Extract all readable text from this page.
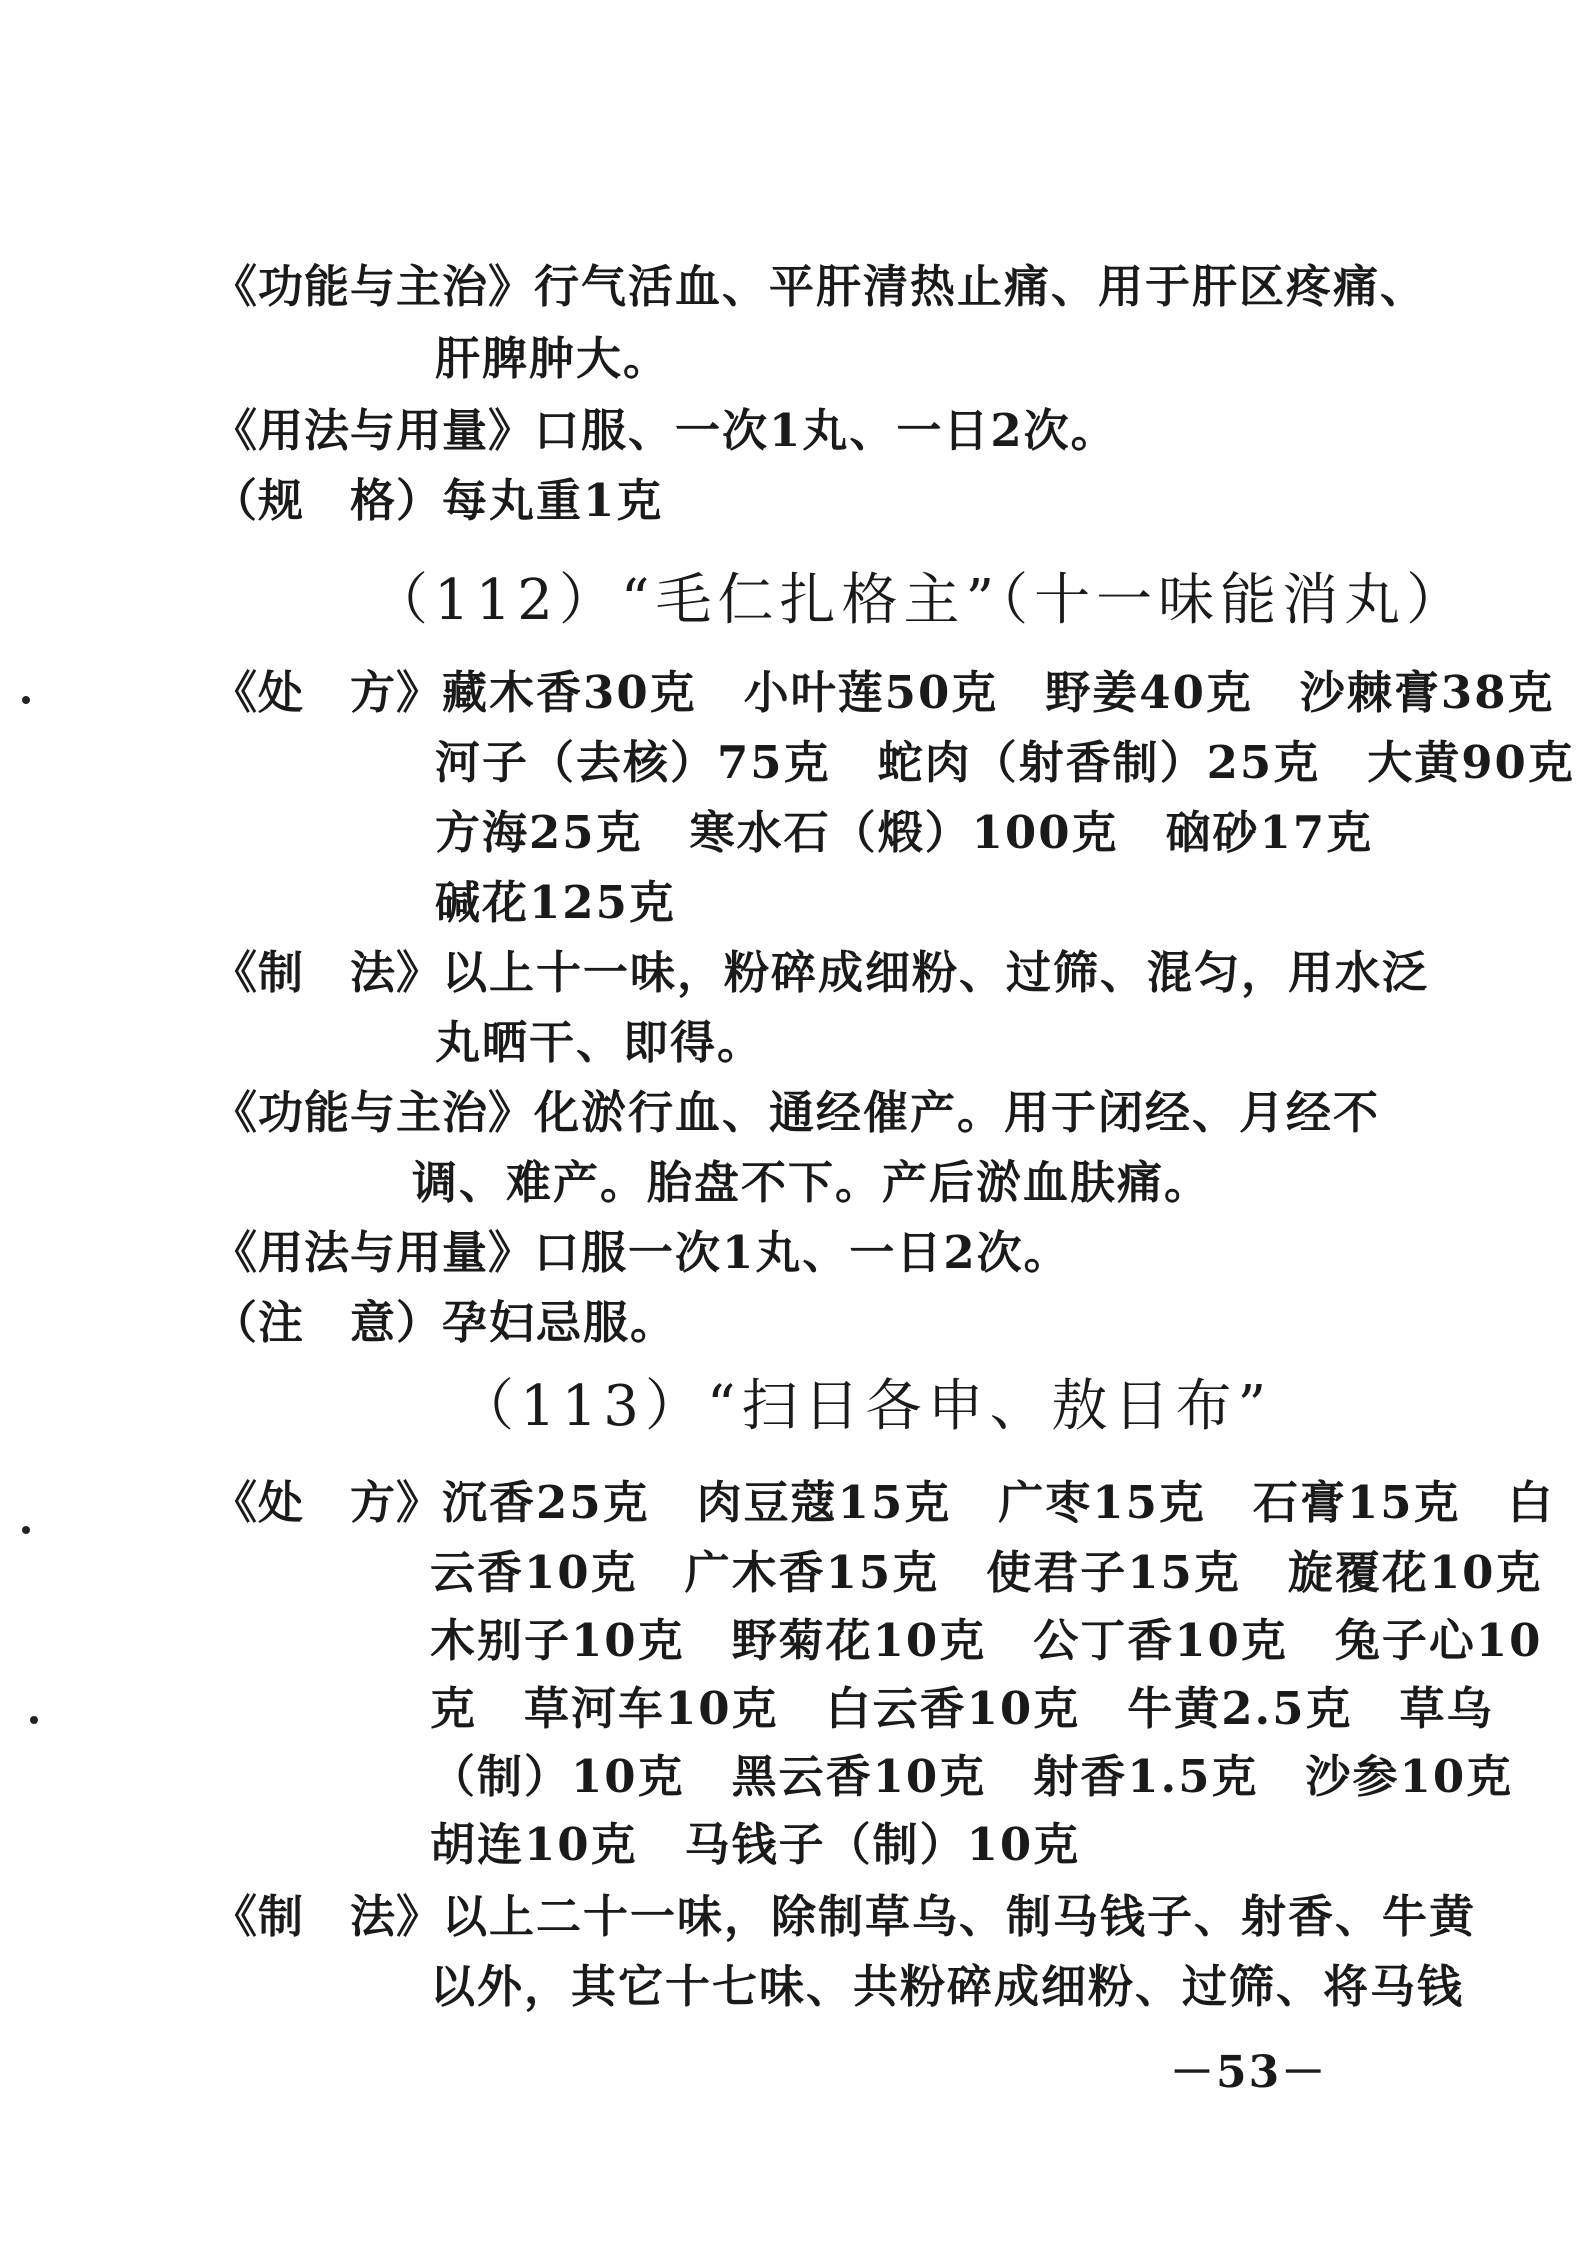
《功能与主治》 行气活血、平肝清热止痛、用于肝区疼痛、
肝脾肿大。
《用法与用量》 口服、一次1丸、一日2次。
（规　格） 每丸重1克
（112）“毛仁扎格主”（十一味能消丸）
《处　方》 藏木香30克　小叶莲50克　野姜40克　沙棘膏38克
河子（去核）75克　蛇肉（射香制）25克　大黄90克
方海25克　寒水石（煅）100克　硇砂17克
碱花125克
《制　法》 以上十一味，粉碎成细粉、过筛、混匀，用水泛
丸晒干、即得。
《功能与主治》 化淤行血、通经催产。用于闭经、月经不
调、难产。胎盘不下。产后淤血肤痛。
《用法与用量》 口服一次1丸、一日2次。
（注　意） 孕妇忌服。
（113）“扫日各申、敖日布”
《处　方》 沉香25克　肉豆蔻15克　广枣15克　石膏15克　白
云香10克　广木香15克　使君子15克　旋覆花10克
木别子10克　野菊花10克　公丁香10克　兔子心10
克　草河车10克　白云香10克　牛黄2.5克　草乌
（制）10克　黑云香10克　射香1.5克　沙参10克
胡连10克　马钱子（制）10克
《制　法》 以上二十一味，除制草乌、制马钱子、射香、牛黄
以外，其它十七味、共粉碎成细粉、过筛、将马钱
－53－
